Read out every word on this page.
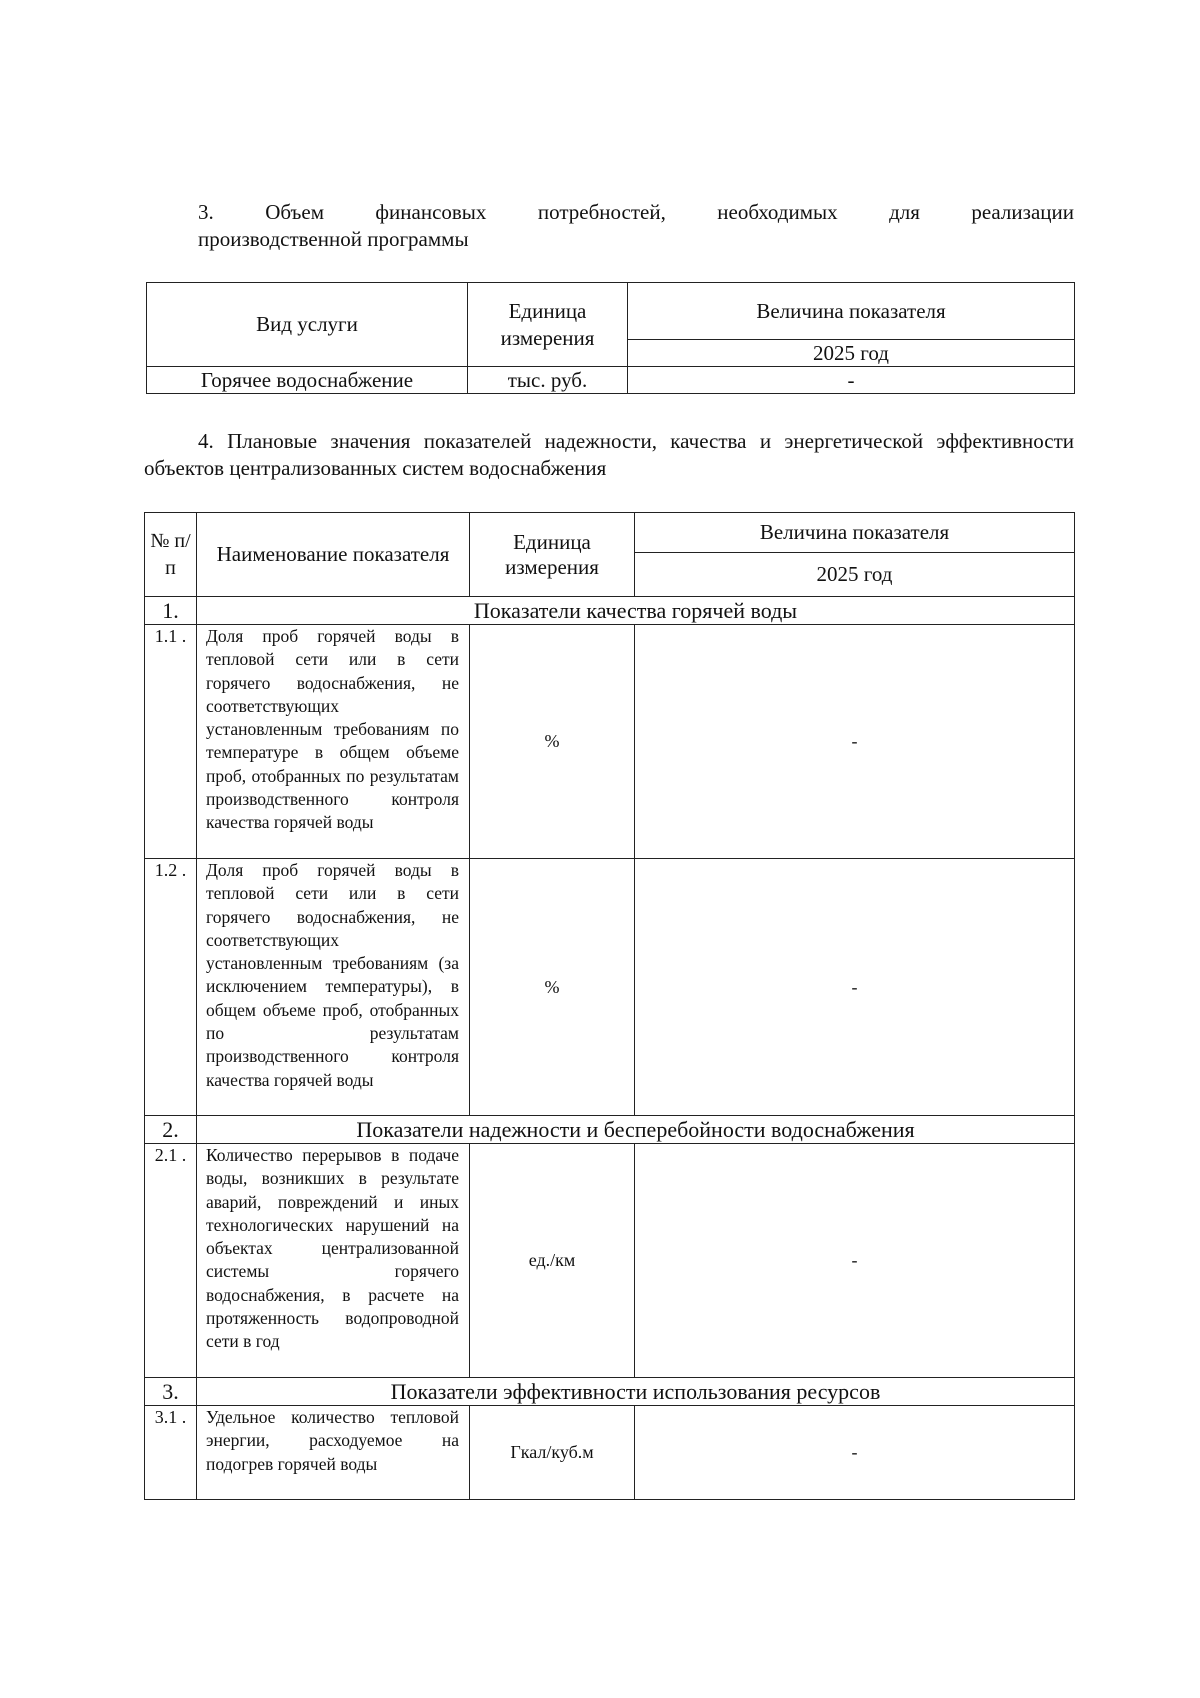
3. Объем финансовых потребностей, необходимых для реализации
производственной программы
Вид услуги	Единица измерения	Величина показателя
		2025 год
Горячее водоснабжение	тыс. руб.	-

4. Плановые значения показателей надежности, качества и энергетической эффективности объектов централизованных систем водоснабжения

№ п/ п	Наименование показателя	Единица измерения	Величина показателя
			2025 год
1.	Показатели качества горячей воды		
1.1 .	Доля проб горячей воды в тепловой сети или в сети горячего водоснабжения, не соответствующих установленным требованиям по температуре в общем объеме проб, отобранных по результатам производственного контроля качества горячей воды	%	-
1.2 .	Доля проб горячей воды в тепловой сети или в сети горячего водоснабжения, не соответствующих установленным требованиям (за исключением температуры), в общем объеме проб, отобранных по результатам производственного контроля качества горячей воды	%	-
2.	Показатели надежности и бесперебойности водоснабжения		
2.1 .	Количество перерывов в подаче воды, возникших в результате аварий, повреждений и иных технологических нарушений на объектах централизованной системы горячего водоснабжения, в расчете на протяженность водопроводной сети в год	ед./км	-
3.	Показатели эффективности использования ресурсов		
3.1 .	Удельное количество тепловой энергии, расходуемое на подогрев горячей воды	Гкал/куб.м	-
